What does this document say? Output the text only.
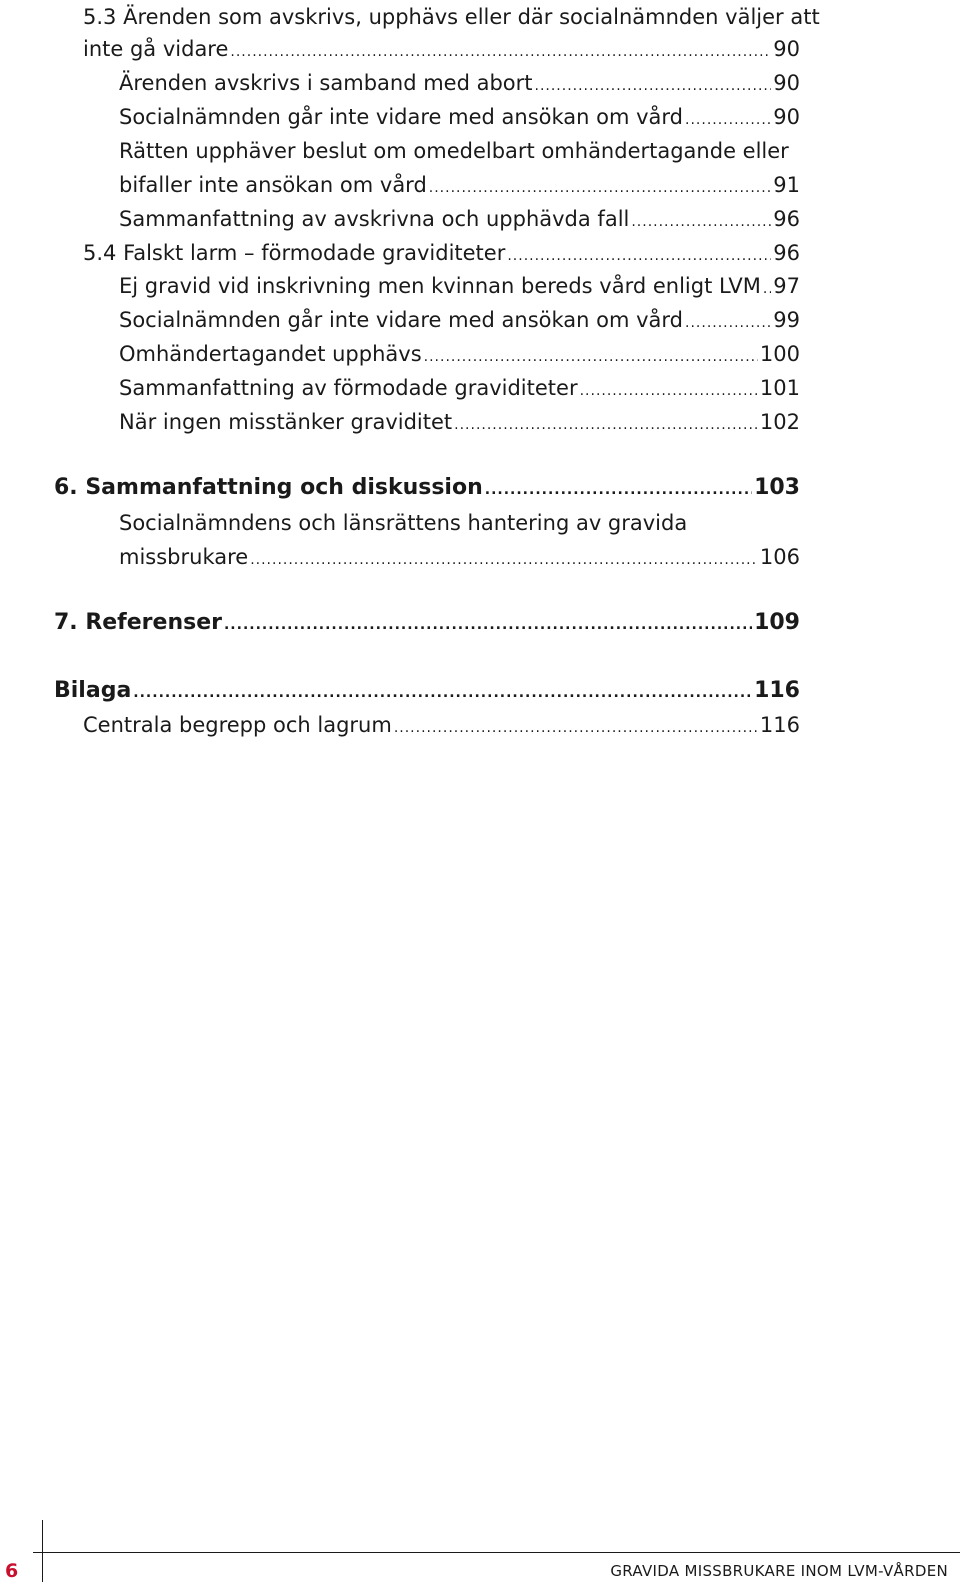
5.3 Ärenden som avskrivs, upphävs eller där socialnämnden väljer att
inte gå vidare .....	90
Ärenden avskrivs i samband med abort .....	90
Socialnämnden går inte vidare med ansökan om vård .....	90
Rätten upphäver beslut om omedelbart omhändertagande eller
bifaller inte ansökan om vård .....	91
Sammanfattning av avskrivna och upphävda fall .....	96
5.4 Falskt larm – förmodade graviditeter .....	96
Ej gravid vid inskrivning men kvinnan bereds vård enligt LVM ..... 97
Socialnämnden går inte vidare med ansökan om vård .....	99
Omhändertagandet upphävs .....	100
Sammanfattning av förmodade graviditeter .....	101
När ingen misstänker graviditet .....	102
6. Sammanfattning och diskussion .....	103
Socialnämndens och länsrättens hantering av gravida
missbrukare .....	106
7. Referenser .....	109
Bilaga .....	116
Centrala begrepp och lagrum .....	116
6	GRAVIDA MISSBRUKARE INOM LVM-VÅRDEN
